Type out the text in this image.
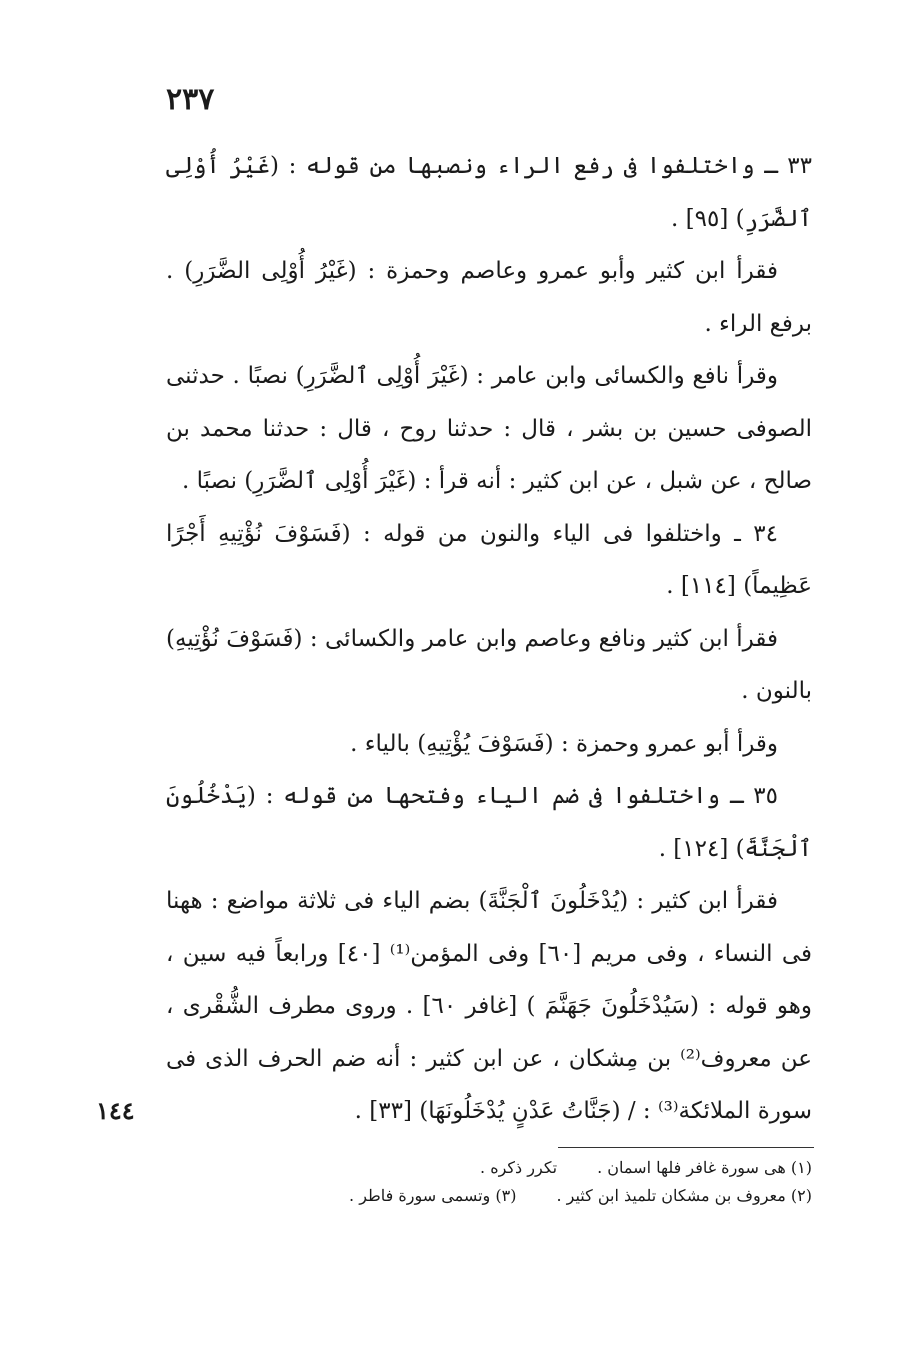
٢٣٧

٣٣ ـ واختلفوا فى رفع الراء ونصبها من قوله : (غَيْرُ أُوْلِى ٱلضَّرَرِ) [٩٥] .

فقرأ ابن كثير وأبو عمرو وعاصم وحمزة : (غَيْرُ أُوْلِى الضَّرَرِ) . برفع الراء .

وقرأ نافع والكسائى وابن عامر : (غَيْرَ أُوْلِى ٱلضَّرَرِ) نصبًا . حدثنى الصوفى حسين بن بشر ، قال : حدثنا روح ، قال : حدثنا محمد بن صالح ، عن شبل ، عن ابن كثير : أنه قرأ : (غَيْرَ أُوْلِى ٱلضَّرَرِ) نصبًا .

٣٤ ـ واختلفوا فى الياء والنون من قوله : (فَسَوْفَ نُؤْتِيهِ أَجْرًا عَظِيماً) [١١٤] .

فقرأ ابن كثير ونافع وعاصم وابن عامر والكسائى : (فَسَوْفَ نُؤْتِيهِ) بالنون .

وقرأ أبو عمرو وحمزة : (فَسَوْفَ يُؤْتِيهِ) بالياء .

٣٥ ـ واختلفوا فى ضم الياء وفتحها من قوله : (يَدْخُلُونَ ٱلْجَنَّةَ) [١٢٤] .

فقرأ ابن كثير : (يُدْخَلُونَ ٱلْجَنَّةَ) بضم الياء فى ثلاثة مواضع : ههنا فى النساء ، وفى مريم [٦٠] وفى المؤمن⁽¹⁾ [٤٠] ورابعاً فيه سين ، وهو قوله : (سَيُدْخَلُونَ جَهَنَّمَ ) [غافر ٦٠] . وروى مطرف الشُّقْرى ، عن معروف⁽²⁾ بن مِشكان ، عن ابن كثير : أنه ضم الحرف الذى فى سورة الملائكة⁽³⁾ : / (جَنَّاتُ عَدْنٍ يُدْخَلُونَهَا) [٣٣] .

١٤٤
(١) هى سورة غافر فلها اسمان .
تكرر ذكره .
(٢) معروف بن مشكان تلميذ ابن كثير .
(٣) وتسمى سورة فاطر .
